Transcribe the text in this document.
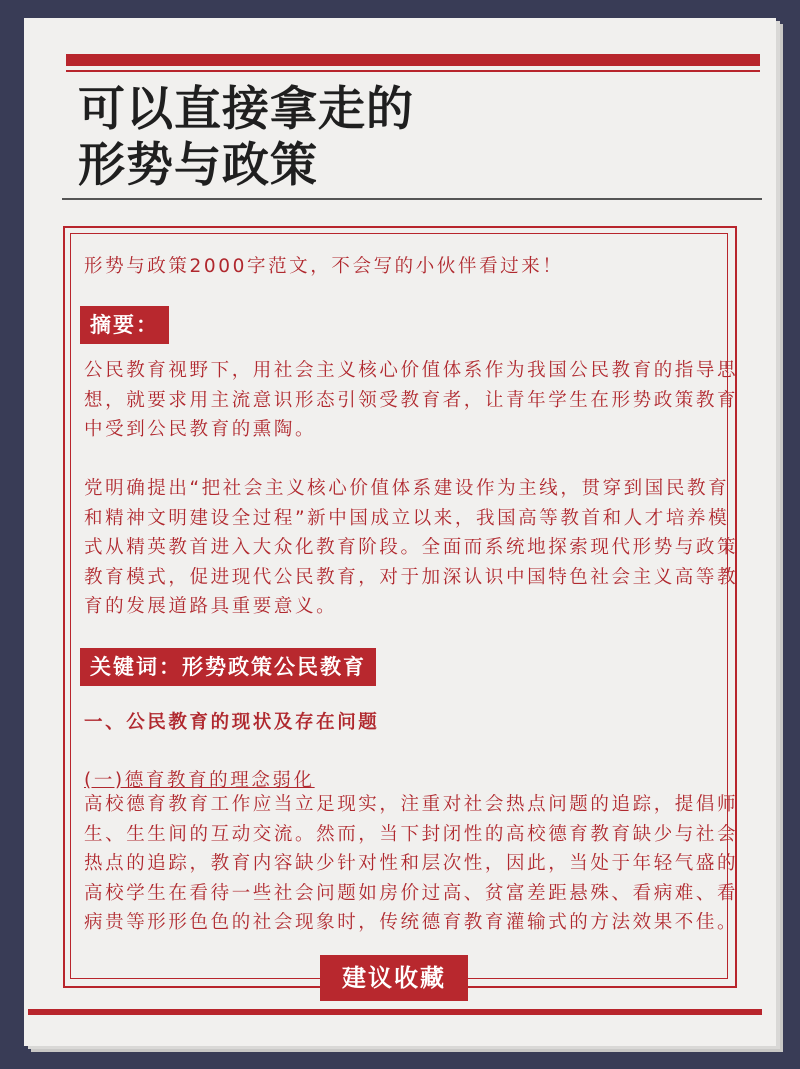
可以直接拿走的
形势与政策
形势与政策2000字范文，不会写的小伙伴看过来！
摘要：
公民教育视野下，用社会主义核心价值体系作为我国公民教育的指导思
想，就要求用主流意识形态引领受教育者，让青年学生在形势政策教育
中受到公民教育的熏陶。
党明确提出“把社会主义核心价值体系建设作为主线，贯穿到国民教育
和精神文明建设全过程”新中国成立以来，我国高等教首和人才培养模
式从精英教首进入大众化教育阶段。全面而系统地探索现代形势与政策
教育模式，促进现代公民教育，对于加深认识中国特色社会主义高等教
育的发展道路具重要意义。
关键词：形势政策公民教育
一、公民教育的现状及存在问题
(一)德育教育的理念弱化
高校德育教育工作应当立足现实，注重对社会热点问题的追踪，提倡师
生、生生间的互动交流。然而，当下封闭性的高校德育教育缺少与社会
热点的追踪，教育内容缺少针对性和层次性，因此，当处于年轻气盛的
高校学生在看待一些社会问题如房价过高、贫富差距悬殊、看病难、看
病贵等形形色色的社会现象时，传统德育教育灌输式的方法效果不佳。
建议收藏
